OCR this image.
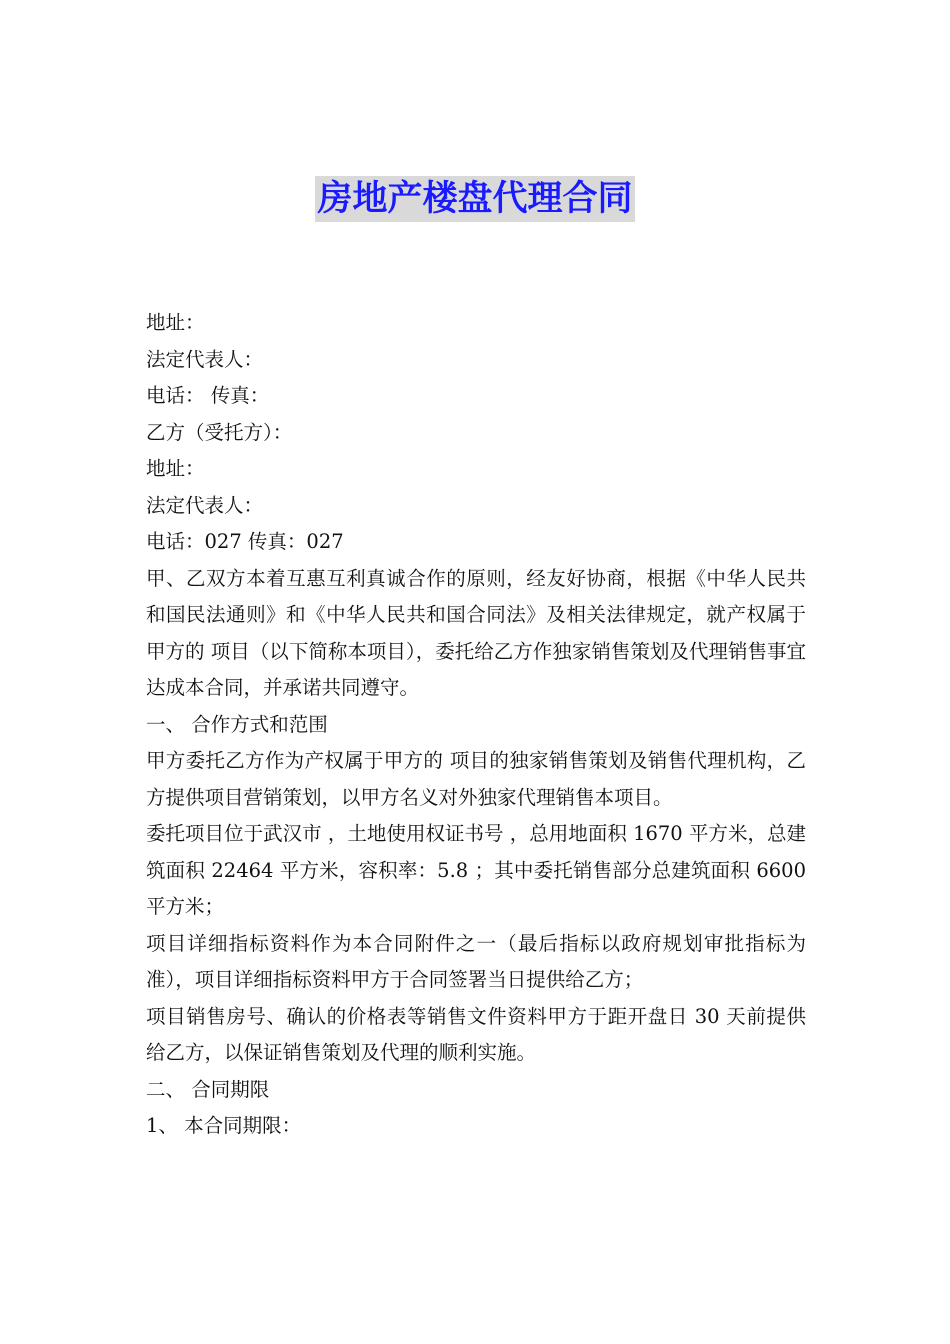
房地产楼盘代理合同

地址：

法定代表人：

电话： 传真：

乙方（受托方）：

地址：

法定代表人：

电话：027 传真：027

甲、乙双方本着互惠互利真诚合作的原则，经友好协商，根据《中华人民共和国民法通则》和《中华人民共和国合同法》及相关法律规定，就产权属于甲方的 项目（以下简称本项目），委托给乙方作独家销售策划及代理销售事宜达成本合同，并承诺共同遵守。

一、 合作方式和范围

甲方委托乙方作为产权属于甲方的 项目的独家销售策划及销售代理机构，乙方提供项目营销策划，以甲方名义对外独家代理销售本项目。

委托项目位于武汉市 ，土地使用权证书号 ，总用地面积 1670 平方米，总建筑面积 22464 平方米，容积率：5.8 ；其中委托销售部分总建筑面积 6600 平方米；

项目详细指标资料作为本合同附件之一（最后指标以政府规划审批指标为准），项目详细指标资料甲方于合同签署当日提供给乙方；

项目销售房号、确认的价格表等销售文件资料甲方于距开盘日 30 天前提供给乙方，以保证销售策划及代理的顺利实施。

二、 合同期限

1、 本合同期限：
